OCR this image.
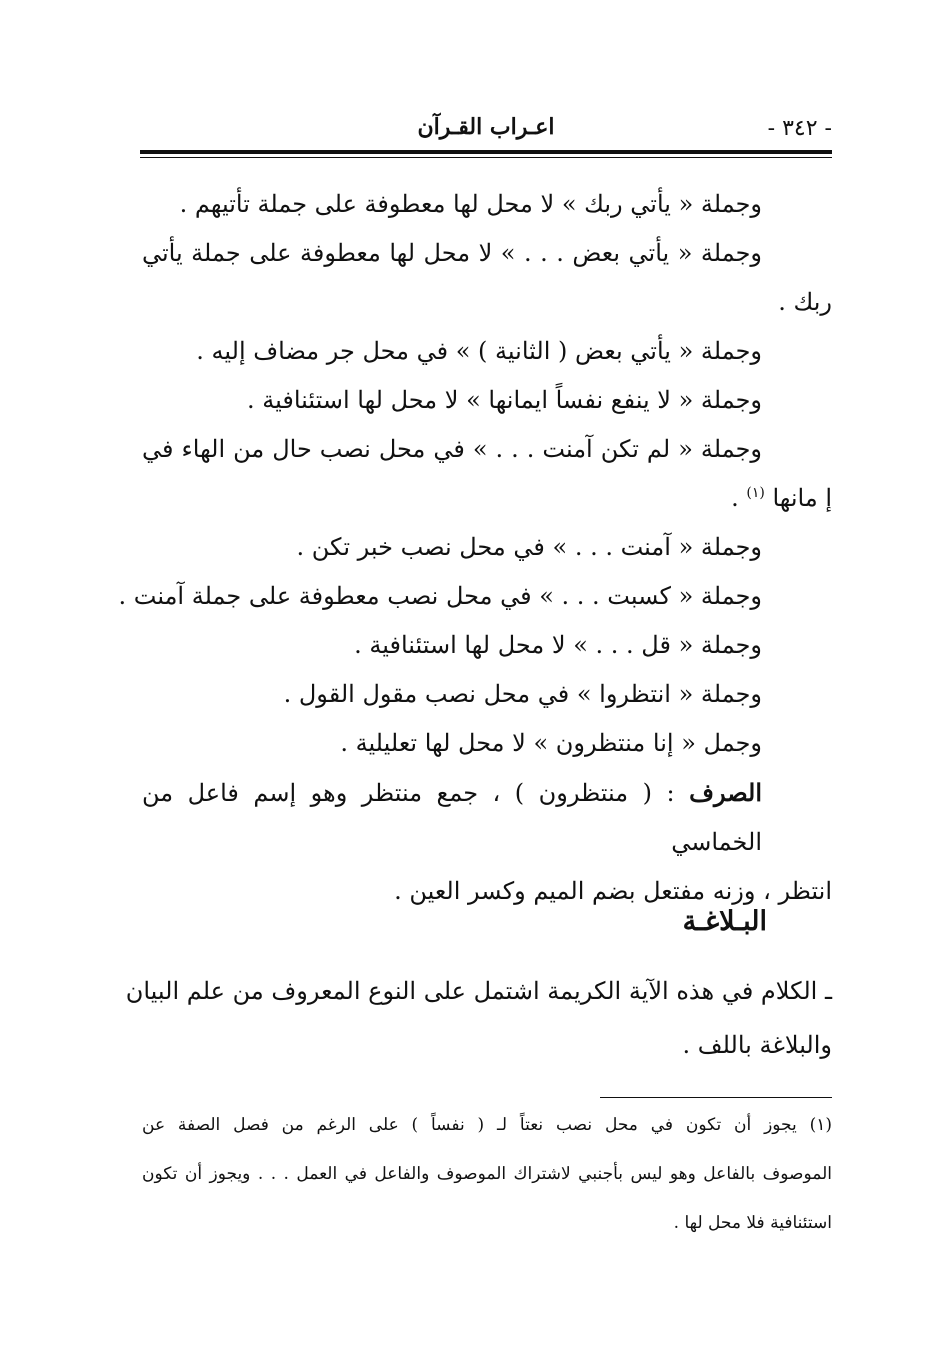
- ٣٤٢ -
اعـراب القـرآن
وجملة « يأتي ربك » لا محل لها معطوفة على جملة تأتيهم .
وجملة « يأتي بعض . . . » لا محل لها معطوفة على جملة يأتي
ربك .
وجملة « يأتي بعض ( الثانية ) » في محل جر مضاف إليه .
وجملة « لا ينفع نفساً ايمانها » لا محل لها استئنافية .
وجملة « لم تكن آمنت . . . » في محل نصب حال من الهاء في
إ مانها $^{(١)}$ .
وجملة « آمنت . . . » في محل نصب خبر تكن .
وجملة « كسبت . . . » في محل نصب معطوفة على جملة آمنت .
وجملة « قل . . . » لا محل لها استئنافية .
وجملة « انتظروا » في محل نصب مقول القول .
وجمل « إنا منتظرون » لا محل لها تعليلية .
الصرف : ( منتظرون ) ، جمع منتظر وهو إسم فاعل من الخماسي
انتظر ، وزنه مفتعل بضم الميم وكسر العين .
البـلاغـة
ـ الكلام في هذه الآية الكريمة اشتمل على النوع المعروف من علم البيان
والبلاغة باللف .
(١) يجوز أن تكون في محل نصب نعتاً لـ ( نفساً ) على الرغم من فصل الصفة عن
الموصوف بالفاعل وهو ليس بأجنبي لاشتراك الموصوف والفاعل في العمل . . . ويجوز أن تكون
استئنافية فلا محل لها .
